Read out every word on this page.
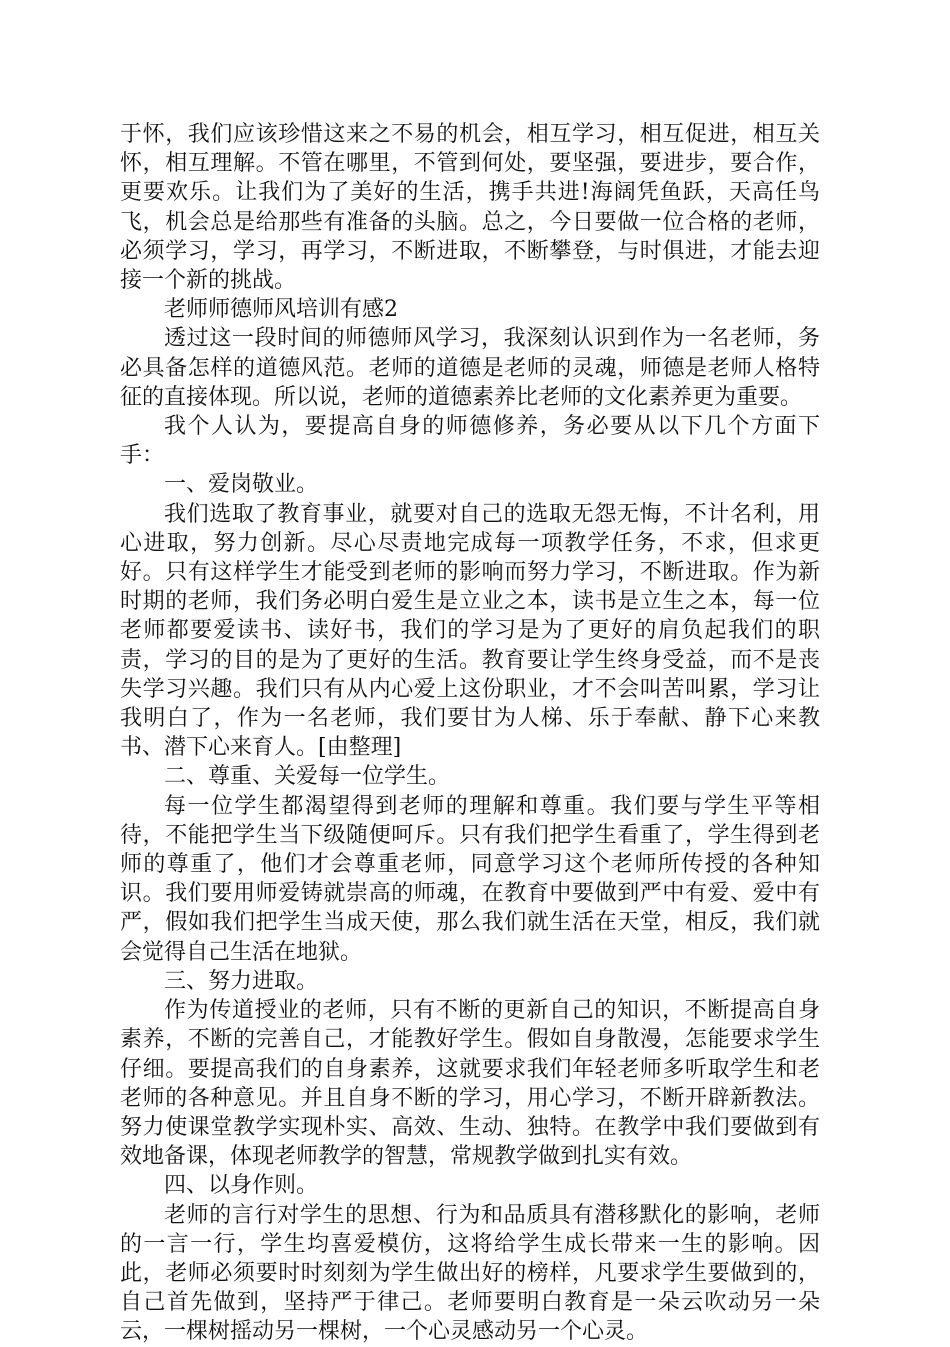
于怀，我们应该珍惜这来之不易的机会，相互学习，相互促进，相互关怀，相互理解。不管在哪里，不管到何处，要坚强，要进步，要合作，更要欢乐。让我们为了美好的生活，携手共进!海阔凭鱼跃，天高任鸟飞，机会总是给那些有准备的头脑。总之，今日要做一位合格的老师，必须学习，学习，再学习，不断进取，不断攀登，与时俱进，才能去迎接一个新的挑战。

老师师德师风培训有感2

透过这一段时间的师德师风学习，我深刻认识到作为一名老师，务必具备怎样的道德风范。老师的道德是老师的灵魂，师德是老师人格特征的直接体现。所以说，老师的道德素养比老师的文化素养更为重要。

我个人认为，要提高自身的师德修养，务必要从以下几个方面下手：

一、爱岗敬业。

我们选取了教育事业，就要对自己的选取无怨无悔，不计名利，用心进取，努力创新。尽心尽责地完成每一项教学任务，不求，但求更好。只有这样学生才能受到老师的影响而努力学习，不断进取。作为新时期的老师，我们务必明白爱生是立业之本，读书是立生之本，每一位老师都要爱读书、读好书，我们的学习是为了更好的肩负起我们的职责，学习的目的是为了更好的生活。教育要让学生终身受益，而不是丧失学习兴趣。我们只有从内心爱上这份职业，才不会叫苦叫累，学习让我明白了，作为一名老师，我们要甘为人梯、乐于奉献、静下心来教书、潜下心来育人。[由整理]

二、尊重、关爱每一位学生。

每一位学生都渴望得到老师的理解和尊重。我们要与学生平等相待，不能把学生当下级随便呵斥。只有我们把学生看重了，学生得到老师的尊重了，他们才会尊重老师，同意学习这个老师所传授的各种知识。我们要用师爱铸就崇高的师魂，在教育中要做到严中有爱、爱中有严，假如我们把学生当成天使，那么我们就生活在天堂，相反，我们就会觉得自己生活在地狱。

三、努力进取。

作为传道授业的老师，只有不断的更新自己的知识，不断提高自身素养，不断的完善自己，才能教好学生。假如自身散漫，怎能要求学生仔细。要提高我们的自身素养，这就要求我们年轻老师多听取学生和老老师的各种意见。并且自身不断的学习，用心学习，不断开辟新教法。努力使课堂教学实现朴实、高效、生动、独特。在教学中我们要做到有效地备课，体现老师教学的智慧，常规教学做到扎实有效。

四、以身作则。

老师的言行对学生的思想、行为和品质具有潜移默化的影响，老师的一言一行，学生均喜爱模仿，这将给学生成长带来一生的影响。因此，老师必须要时时刻刻为学生做出好的榜样，凡要求学生要做到的，自己首先做到，坚持严于律己。老师要明白教育是一朵云吹动另一朵云，一棵树摇动另一棵树，一个心灵感动另一个心灵。
